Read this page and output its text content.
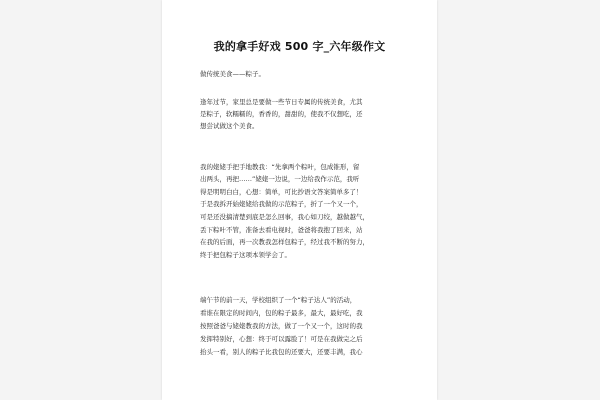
我的拿手好戏 500 字_六年级作文
做传统美食——粽子。
逢年过节，家里总是要做一些节日专属的传统美食，尤其
是粽子，软糯糯的，香香的，甜甜的，使我不仅想吃，还
想尝试做这个美食。
我的姥姥手把手地教我：“先拿两个粽叶，包成锥形，留
出两头，再把……”姥姥一边说，一边给我作示范，我听
得是明明白白，心想：简单，可比抄语文答案简单多了！
于是我拆开始姥姥给我做的示范粽子，折了一个又一个，
可是还没搞清楚到底是怎么回事，我心如刀绞，越做越气，
丢下粽叶不管，准备去看电视时，爸爸将我抱了回来，站
在我的后面，再一次教我怎样包粽子，经过我不断的努力，
终于把包粽子这项本领学会了。
端午节的前一天，学校组织了一个“粽子达人”的活动，
看谁在限定的时间内，包的粽子最多，最大，最好吃，我
按照爸爸与姥姥教我的方法，做了一个又一个，这时的我
发挥特别好，心想：终于可以露脸了！可是在我做完之后
抬头一看，别人的粽子比我包的还要大，还要丰满，我心
